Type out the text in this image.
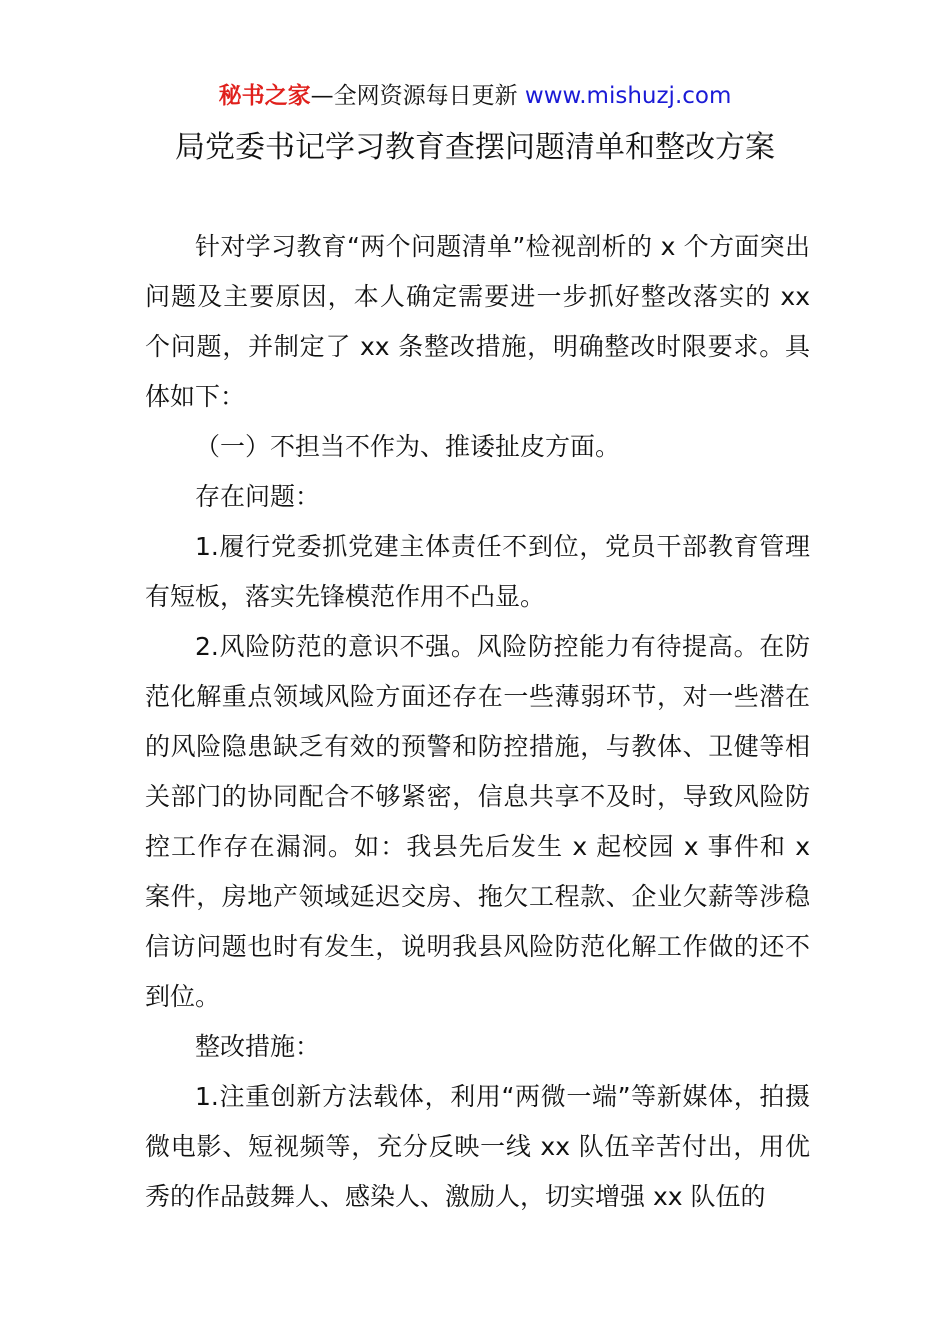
秘书之家—全网资源每日更新 www.mishuzj.com
局党委书记学习教育查摆问题清单和整改方案

针对学习教育“两个问题清单”检视剖析的 x 个方面突出问题及主要原因，本人确定需要进一步抓好整改落实的 xx 个问题，并制定了 xx 条整改措施，明确整改时限要求。具体如下：

（一）不担当不作为、推诿扯皮方面。

存在问题：

1.履行党委抓党建主体责任不到位，党员干部教育管理有短板，落实先锋模范作用不凸显。

2.风险防范的意识不强。风险防控能力有待提高。在防范化解重点领域风险方面还存在一些薄弱环节，对一些潜在的风险隐患缺乏有效的预警和防控措施，与教体、卫健等相关部门的协同配合不够紧密，信息共享不及时，导致风险防控工作存在漏洞。如：我县先后发生 x 起校园 x 事件和 x 案件，房地产领域延迟交房、拖欠工程款、企业欠薪等涉稳信访问题也时有发生，说明我县风险防范化解工作做的还不到位。

整改措施：

1.注重创新方法载体，利用“两微一端”等新媒体，拍摄微电影、短视频等，充分反映一线 xx 队伍辛苦付出，用优秀的作品鼓舞人、感染人、激励人，切实增强 xx 队伍的
